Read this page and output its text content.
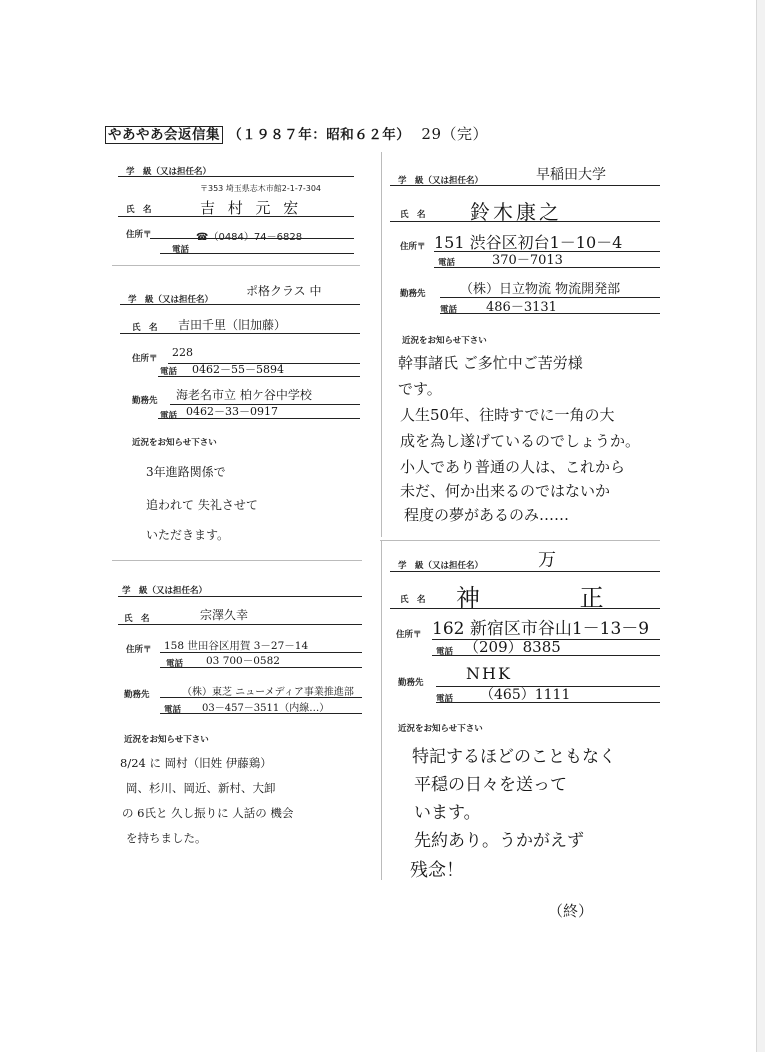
やあやあ会返信集 （１９８７年：昭和６２年） 29（完）
学　級（又は担任名）
〒353 埼玉県志木市館2-1-7-304
氏　名	吉 村 元 宏
住所〒	☎（0484）74－6828
電話
学　級（又は担任名）
ポ格クラス 中
氏　名 吉田千里（旧加藤）
住所〒 228
電話 0462－55－5894
勤務先 海老名市立 柏ケ谷中学校
電話 0462－33－0917
近況をお知らせ下さい
3年進路関係で
追われて 失礼させて
いただきます。
学　級（又は担任名）
氏　名	宗澤久幸
住所〒 158 世田谷区用賀 3－27－14
電話 03 700－0582
勤務先	（株）東芝 ニューメディア事業推進部
電話 03－457－3511（内線…）
近況をお知らせ下さい
8/24 に 岡村（旧姓 伊藤鶏）
岡、杉川、岡近、新村、大卸
の 6氏と 久し振りに 人話の 機会
を持ちました。
学　級（又は担任名）	早稲田大学
氏　名 鈴木康之
住所〒 151 渋谷区初台1－10－4
電話	370－7013
勤務先	（株）日立物流 物流開発部
電話 486－3131
近況をお知らせ下さい
幹事諸氏 ご多忙中ご苦労様
です。
人生50年、往時すでに一角の大
成を為し遂げているのでしょうか。
小人であり普通の人は、これから
未だ、何か出来るのではないか
程度の夢があるのみ……
学　級（又は担任名）	万
氏　名 神 正
住所〒 162 新宿区市谷山1－13－9
電話 （209）8385
勤務先	NHK
電話 （465）1111
近況をお知らせ下さい
特記するほどのこともなく
平穏の日々を送って
います。
先約あり。うかがえず
残念！
（終）
